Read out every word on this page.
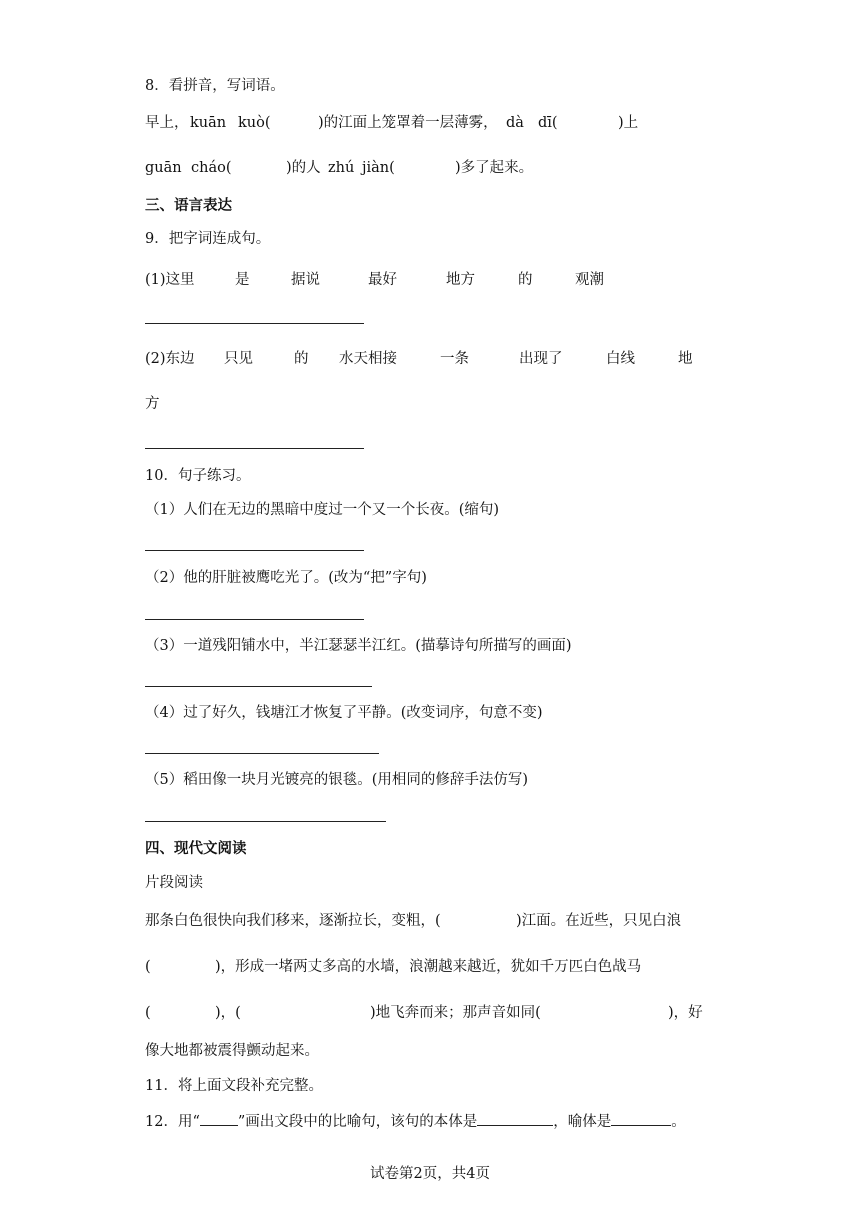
8．看拼音，写词语。
早上， kuān kuò(	)的江面上笼罩着一层薄雾， dà dī(	)上
guān cháo(	)的人 zhú jiàn(	)多了起来。
三、语言表达
9．把字词连成句。
(1)这里	是	据说	最好	地方	的	观潮
(2)东边 只见	的 水天相接	一条	出现了	白线	地
方
10．句子练习。
（1）人们在无边的黑暗中度过一个又一个长夜。(缩句)
（2）他的肝脏被鹰吃光了。(改为“把”字句)
（3）一道残阳铺水中，半江瑟瑟半江红。(描摹诗句所描写的画面)
（4）过了好久，钱塘江才恢复了平静。(改变词序，句意不变)
（5）稻田像一块月光镀亮的银毯。(用相同的修辞手法仿写)
四、现代文阅读
片段阅读
那条白色很快向我们移来，逐渐拉长，变粗，(	)江面。在近些，只见白浪
(	)，形成一堵两丈多高的水墙，浪潮越来越近，犹如千万匹白色战马
(	)，(	)地飞奔而来；那声音如同(	)，好
像大地都被震得颤动起来。
11．将上面文段补充完整。
12．用“	”画出文段中的比喻句，该句的本体是	，喻体是	。
试卷第2页，共4页
